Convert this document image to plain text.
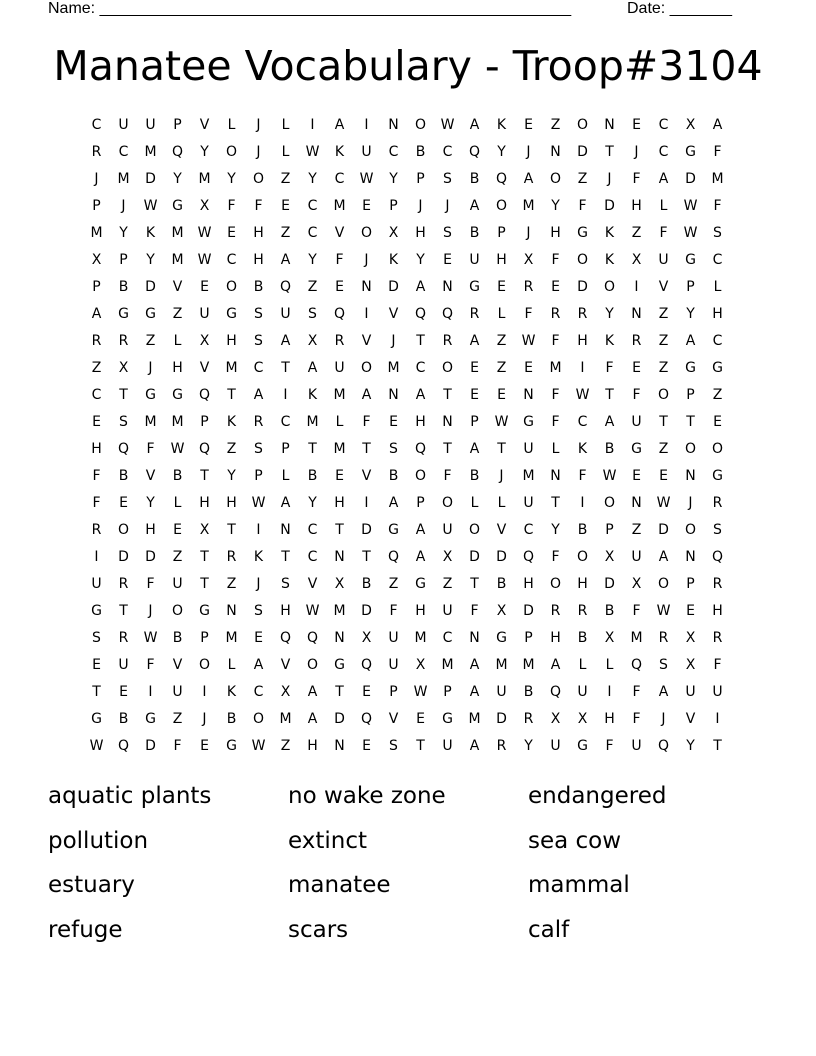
Name: _____________________________________________________	Date: _______
Manatee Vocabulary - Troop#3104
C	U	U	P	V	L	J	L	I	A	I	N	O	W	A	K	E	Z	O	N	E	C	X	A
R	C	M	Q	Y	O	J	L	W	K	U	C	B	C	Q	Y	J	N	D	T	J	C	G	F
J	M	D	Y	M	Y	O	Z	Y	C	W	Y	P	S	B	Q	A	O	Z	J	F	A	D	M
P	J	W	G	X	F	F	E	C	M	E	P	J	J	A	O	M	Y	F	D	H	L	W	F
M	Y	K	M	W	E	H	Z	C	V	O	X	H	S	B	P	J	H	G	K	Z	F	W	S
X	P	Y	M	W	C	H	A	Y	F	J	K	Y	E	U	H	X	F	O	K	X	U	G	C
P	B	D	V	E	O	B	Q	Z	E	N	D	A	N	G	E	R	E	D	O	I	V	P	L
A	G	G	Z	U	G	S	U	S	Q	I	V	Q	Q	R	L	F	R	R	Y	N	Z	Y	H
R	R	Z	L	X	H	S	A	X	R	V	J	T	R	A	Z	W	F	H	K	R	Z	A	C
Z	X	J	H	V	M	C	T	A	U	O	M	C	O	E	Z	E	M	I	F	E	Z	G	G
C	T	G	G	Q	T	A	I	K	M	A	N	A	T	E	E	N	F	W	T	F	O	P	Z
E	S	M	M	P	K	R	C	M	L	F	E	H	N	P	W	G	F	C	A	U	T	T	E
H	Q	F	W	Q	Z	S	P	T	M	T	S	Q	T	A	T	U	L	K	B	G	Z	O	O
F	B	V	B	T	Y	P	L	B	E	V	B	O	F	B	J	M	N	F	W	E	E	N	G
F	E	Y	L	H	H	W	A	Y	H	I	A	P	O	L	L	U	T	I	O	N	W	J	R
R	O	H	E	X	T	I	N	C	T	D	G	A	U	O	V	C	Y	B	P	Z	D	O	S
I	D	D	Z	T	R	K	T	C	N	T	Q	A	X	D	D	Q	F	O	X	U	A	N	Q
U	R	F	U	T	Z	J	S	V	X	B	Z	G	Z	T	B	H	O	H	D	X	O	P	R
G	T	J	O	G	N	S	H	W	M	D	F	H	U	F	X	D	R	R	B	F	W	E	H
S	R	W	B	P	M	E	Q	Q	N	X	U	M	C	N	G	P	H	B	X	M	R	X	R
E	U	F	V	O	L	A	V	O	G	Q	U	X	M	A	M	M	A	L	L	Q	S	X	F
T	E	I	U	I	K	C	X	A	T	E	P	W	P	A	U	B	Q	U	I	F	A	U	U
G	B	G	Z	J	B	O	M	A	D	Q	V	E	G	M	D	R	X	X	H	F	J	V	I
W	Q	D	F	E	G	W	Z	H	N	E	S	T	U	A	R	Y	U	G	F	U	Q	Y	T
aquatic plants	no wake zone	endangered
pollution	extinct	sea cow
estuary	manatee	mammal
refuge	scars	calf
